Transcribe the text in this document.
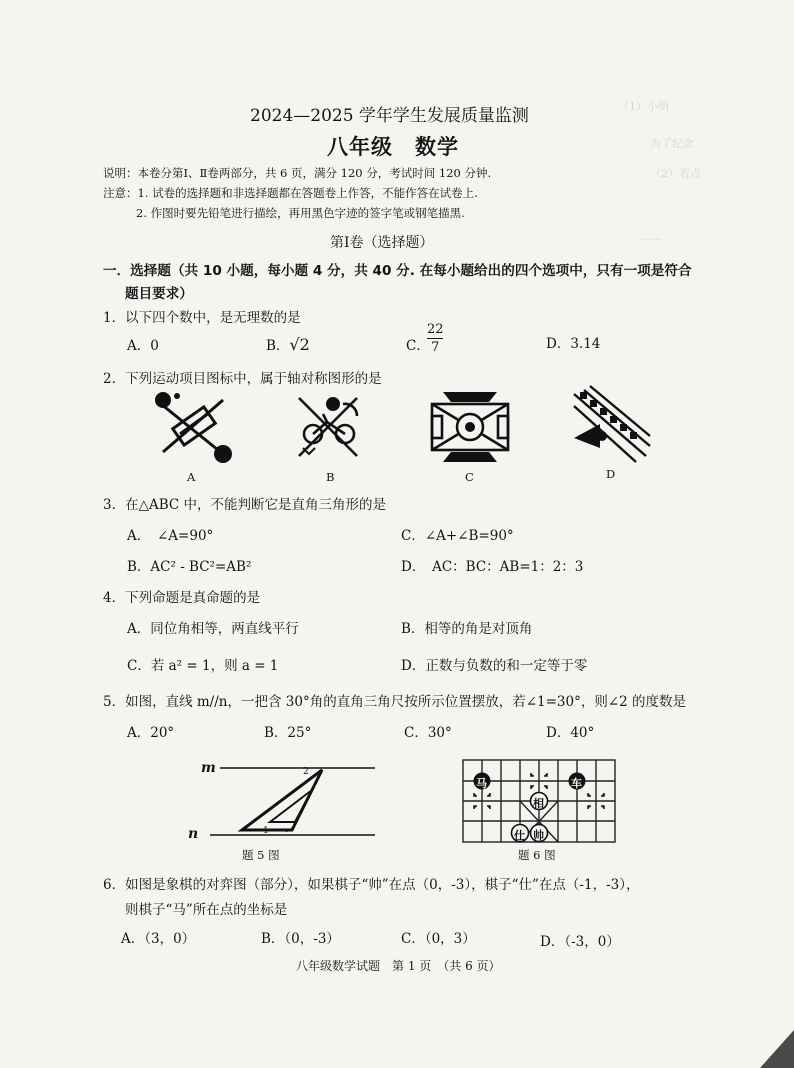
（1）小明
为了纪念
（2）若点
……
2024—2025 学年学生发展质量监测
八年级　数学
说明：本卷分第Ⅰ、Ⅱ卷两部分，共 6 页，满分 120 分，考试时间 120 分钟.
注意：1. 试卷的选择题和非选择题都在答题卷上作答，不能作答在试卷上.
2. 作图时要先铅笔进行描绘，再用黑色字迹的签字笔或钢笔描黑.
第Ⅰ卷（选择题）
一．选择题（共 10 小题，每小题 4 分，共 40 分. 在每小题给出的四个选项中，只有一项是符合
题目要求）
1．以下四个数中，是无理数的是
A．0	B．√2	C．
22
7	D．3.14
2．下列运动项目图标中，属于轴对称图形的是
A	B	C	D
3．在△ABC 中，不能判断它是直角三角形的是
A．　∠A=90°	C．∠A+∠B=90°
B．AC² - BC²=AB²	D．　AC：BC：AB=1：2：3
4．下列命题是真命题的是
A．同位角相等，两直线平行	B．相等的角是对顶角
C．若 a² = 1，则 a = 1	D．正数与负数的和一定等于零
5．如图，直线 m//n，一把含 30°角的直角三角尺按所示位置摆放，若∠1=30°，则∠2 的度数是
A．20°	B．25°	C．30°	D．40°
m
n
2
1
题 5 图
马	车
相
仕 帅
题 6 图
6．如图是象棋的对弈图（部分），如果棋子“帅”在点（0，-3），棋子“仕”在点（-1，-3），
则棋子“马”所在点的坐标是
A．（3，0）	B．（0，-3）	C．（0，3）	D．（-3，0）
八年级数学试题　第 1 页　（共 6 页）
